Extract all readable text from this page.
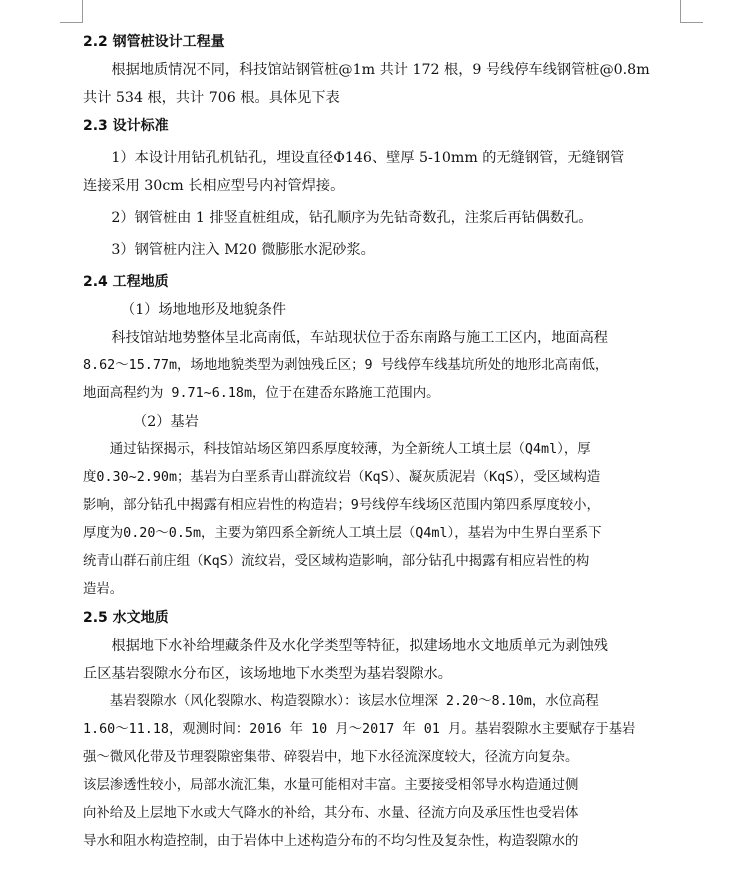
2.2 钢管桩设计工程量
根据地质情况不同，科技馆站钢管桩@1m 共计 172 根，9 号线停车线钢管桩@0.8m
共计 534 根，共计 706 根。具体见下表
2.3 设计标准
1）本设计用钻孔机钻孔，埋设直径Φ146、壁厚 5-10mm 的无缝钢管，无缝钢管
连接采用 30cm 长相应型号内衬管焊接。
2）钢管桩由 1 排竖直桩组成，钻孔顺序为先钻奇数孔，注浆后再钻偶数孔。
3）钢管桩内注入 M20 微膨胀水泥砂浆。
2.4 工程地质
（1）场地地形及地貌条件
科技馆站地势整体呈北高南低，车站现状位于岙东南路与施工工区内，地面高程
8.62～15.77m，场地地貌类型为剥蚀残丘区；9 号线停车线基坑所处的地形北高南低，
地面高程约为 9.71~6.18m，位于在建岙东路施工范围内。
（2）基岩
通过钻探揭示，科技馆站场区第四系厚度较薄，为全新统人工填土层（Q4ml），厚
度0.30~2.90m；基岩为白垩系青山群流纹岩（KqS）、凝灰质泥岩（KqS），受区域构造
影响，部分钻孔中揭露有相应岩性的构造岩；9号线停车线场区范围内第四系厚度较小，
厚度为0.20～0.5m，主要为第四系全新统人工填土层（Q4ml），基岩为中生界白垩系下
统青山群石前庄组（KqS）流纹岩，受区域构造影响，部分钻孔中揭露有相应岩性的构
造岩。
2.5 水文地质
根据地下水补给埋藏条件及水化学类型等特征，拟建场地水文地质单元为剥蚀残
丘区基岩裂隙水分布区，该场地地下水类型为基岩裂隙水。
基岩裂隙水（风化裂隙水、构造裂隙水）：该层水位埋深 2.20～8.10m，水位高程
1.60～11.18，观测时间：2016 年 10 月～2017 年 01 月。基岩裂隙水主要赋存于基岩
强～微风化带及节理裂隙密集带、碎裂岩中，地下水径流深度较大，径流方向复杂。
该层渗透性较小，局部水流汇集，水量可能相对丰富。主要接受相邻导水构造通过侧
向补给及上层地下水或大气降水的补给，其分布、水量、径流方向及承压性也受岩体
导水和阻水构造控制，由于岩体中上述构造分布的不均匀性及复杂性，构造裂隙水的
